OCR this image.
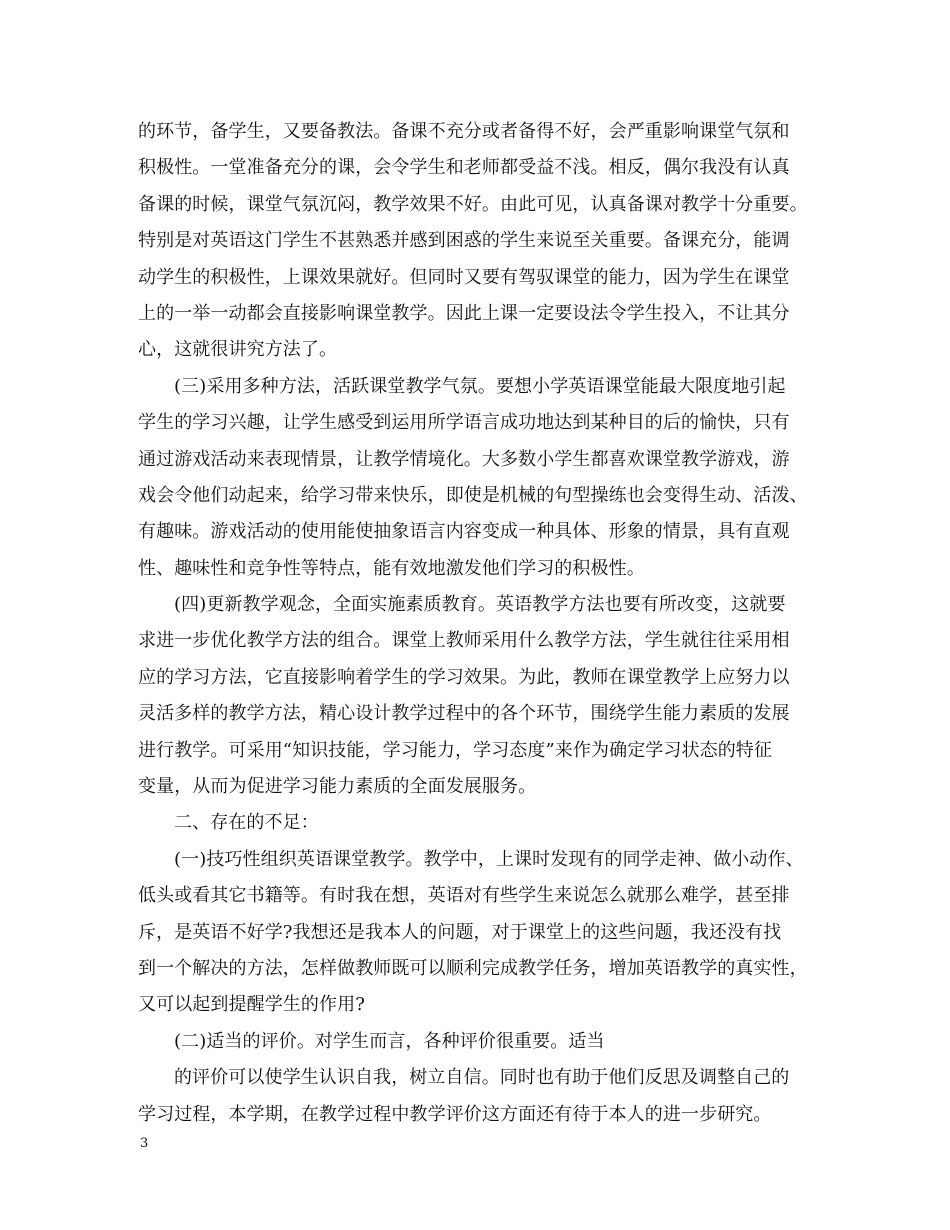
的环节，备学生，又要备教法。备课不充分或者备得不好，会严重影响课堂气氛和
积极性。一堂准备充分的课，会令学生和老师都受益不浅。相反，偶尔我没有认真
备课的时候，课堂气氛沉闷，教学效果不好。由此可见，认真备课对教学十分重要。
特别是对英语这门学生不甚熟悉并感到困惑的学生来说至关重要。备课充分，能调
动学生的积极性，上课效果就好。但同时又要有驾驭课堂的能力，因为学生在课堂
上的一举一动都会直接影响课堂教学。因此上课一定要设法令学生投入，不让其分
心，这就很讲究方法了。
(三)采用多种方法，活跃课堂教学气氛。要想小学英语课堂能最大限度地引起
学生的学习兴趣，让学生感受到运用所学语言成功地达到某种目的后的愉快，只有
通过游戏活动来表现情景，让教学情境化。大多数小学生都喜欢课堂教学游戏，游
戏会令他们动起来，给学习带来快乐，即使是机械的句型操练也会变得生动、活泼、
有趣味。游戏活动的使用能使抽象语言内容变成一种具体、形象的情景，具有直观
性、趣味性和竞争性等特点，能有效地激发他们学习的积极性。
(四)更新教学观念，全面实施素质教育。英语教学方法也要有所改变，这就要
求进一步优化教学方法的组合。课堂上教师采用什么教学方法，学生就往往采用相
应的学习方法，它直接影响着学生的学习效果。为此，教师在课堂教学上应努力以
灵活多样的教学方法，精心设计教学过程中的各个环节，围绕学生能力素质的发展
进行教学。可采用“知识技能，学习能力，学习态度”来作为确定学习状态的特征
变量，从而为促进学习能力素质的全面发展服务。
二、存在的不足：
(一)技巧性组织英语课堂教学。教学中，上课时发现有的同学走神、做小动作、
低头或看其它书籍等。有时我在想，英语对有些学生来说怎么就那么难学，甚至排
斥，是英语不好学?我想还是我本人的问题，对于课堂上的这些问题，我还没有找
到一个解决的方法，怎样做教师既可以顺利完成教学任务，增加英语教学的真实性，
又可以起到提醒学生的作用?
(二)适当的评价。对学生而言，各种评价很重要。适当
的评价可以使学生认识自我，树立自信。同时也有助于他们反思及调整自己的
学习过程，本学期，在教学过程中教学评价这方面还有待于本人的进一步研究。
3
